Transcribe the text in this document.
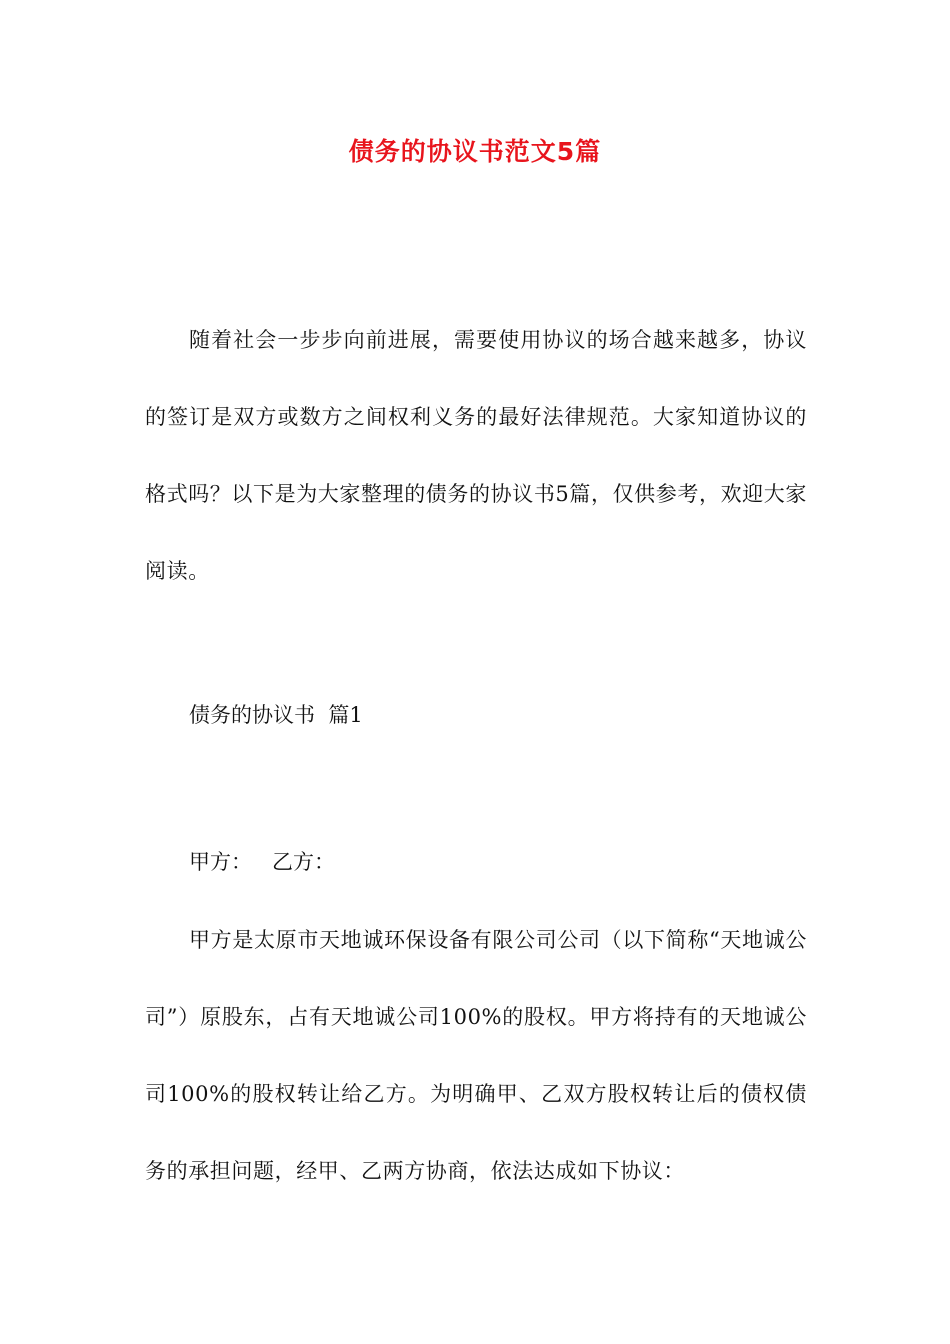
债务的协议书范文5篇

随着社会一步步向前进展，需要使用协议的场合越来越多，协议的签订是双方或数方之间权利义务的最好法律规范。大家知道协议的格式吗？以下是为大家整理的债务的协议书5篇，仅供参考，欢迎大家阅读。

债务的协议书  篇1

甲方：   乙方：

甲方是太原市天地诚环保设备有限公司公司（以下简称“天地诚公司”）原股东，占有天地诚公司100%的股权。甲方将持有的天地诚公司100%的股权转让给乙方。为明确甲、乙双方股权转让后的债权债务的承担问题，经甲、乙两方协商，依法达成如下协议：
